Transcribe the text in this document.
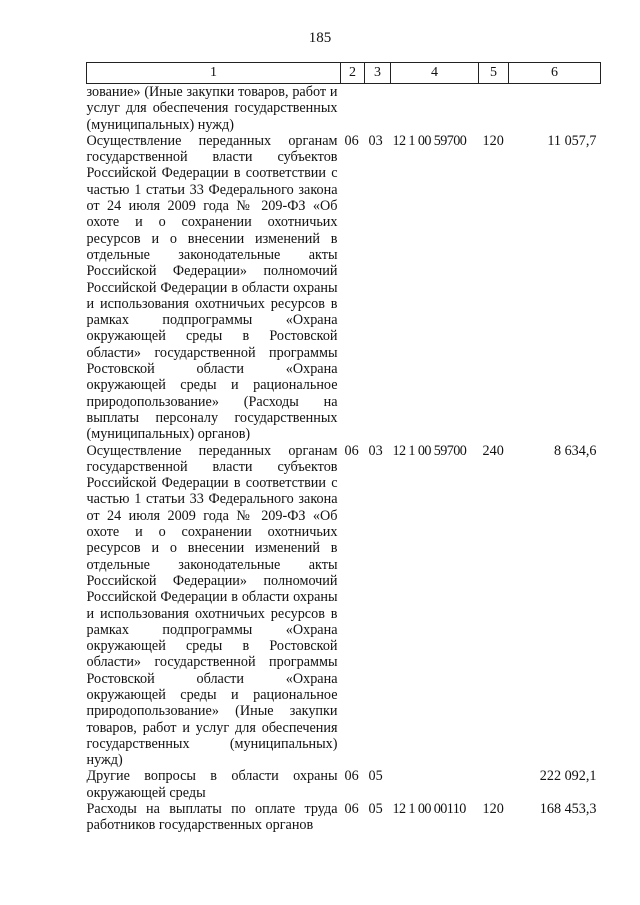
185
1	2	3	4	5	6
зование» (Иные закупки товаров, работ и услуг для обеспечения государственных (муниципальных) нужд)					
Осуществление переданных органам государственной власти субъектов Российской Федерации в соответствии с частью 1 статьи 33 Федерального закона от 24 июля 2009 года № 209-ФЗ «Об охоте и о сохранении охотничьих ресурсов и о внесении изменений в отдельные законодательные акты Российской Федерации» полномочий Российской Федерации в области охраны и использования охотничьих ресурсов в рамках подпрограммы «Охрана окружающей среды в Ростовской области» государственной программы Ростовской области «Охрана окружающей среды и рациональное природопользование» (Расходы на выплаты персоналу государственных (муниципальных) органов)	06	03	12 1 00 59700	120	11 057,7
Осуществление переданных органам государственной власти субъектов Российской Федерации в соответствии с частью 1 статьи 33 Федерального закона от 24 июля 2009 года № 209-ФЗ «Об охоте и о сохранении охотничьих ресурсов и о внесении изменений в отдельные законодательные акты Российской Федерации» полномочий Российской Федерации в области охраны и использования охотничьих ресурсов в рамках подпрограммы «Охрана окружающей среды в Ростовской области» государственной программы Ростовской области «Охрана окружающей среды и рациональное природопользование» (Иные закупки товаров, работ и услуг для обеспечения государственных (муниципальных) нужд)	06	03	12 1 00 59700	240	8 634,6
Другие вопросы в области охраны окружающей среды	06	05			222 092,1
Расходы на выплаты по оплате труда работников государственных органов	06	05	12 1 00 00110	120	168 453,3
